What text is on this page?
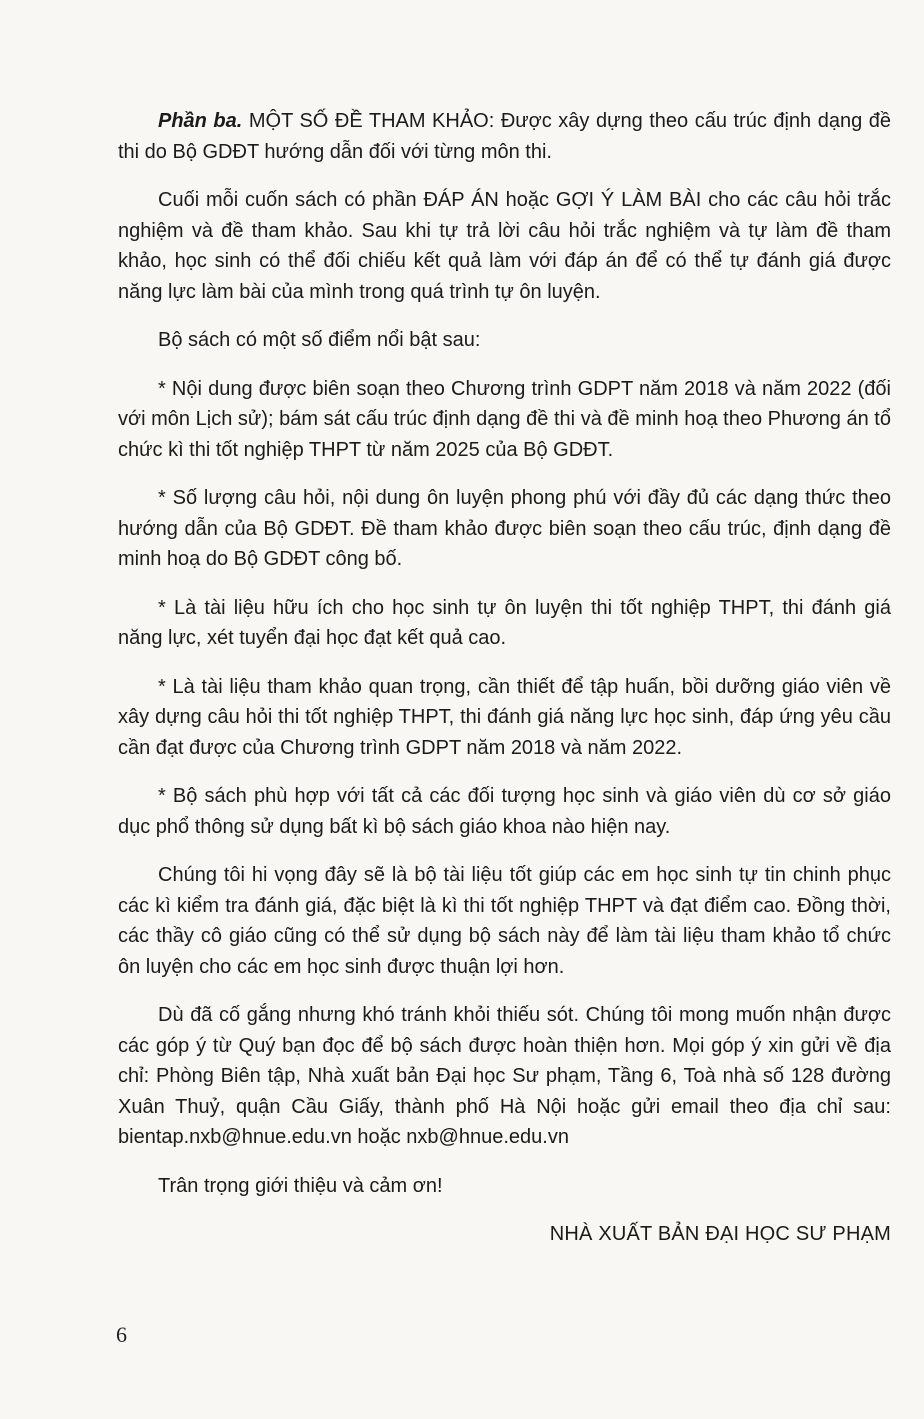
Phần ba. MỘT SỐ ĐỀ THAM KHẢO: Được xây dựng theo cấu trúc định dạng đề thi do Bộ GDĐT hướng dẫn đối với từng môn thi.

Cuối mỗi cuốn sách có phần ĐÁP ÁN hoặc GỢI Ý LÀM BÀI cho các câu hỏi trắc nghiệm và đề tham khảo. Sau khi tự trả lời câu hỏi trắc nghiệm và tự làm đề tham khảo, học sinh có thể đối chiếu kết quả làm với đáp án để có thể tự đánh giá được năng lực làm bài của mình trong quá trình tự ôn luyện.

Bộ sách có một số điểm nổi bật sau:

* Nội dung được biên soạn theo Chương trình GDPT năm 2018 và năm 2022 (đối với môn Lịch sử); bám sát cấu trúc định dạng đề thi và đề minh hoạ theo Phương án tổ chức kì thi tốt nghiệp THPT từ năm 2025 của Bộ GDĐT.

* Số lượng câu hỏi, nội dung ôn luyện phong phú với đầy đủ các dạng thức theo hướng dẫn của Bộ GDĐT. Đề tham khảo được biên soạn theo cấu trúc, định dạng đề minh hoạ do Bộ GDĐT công bố.

* Là tài liệu hữu ích cho học sinh tự ôn luyện thi tốt nghiệp THPT, thi đánh giá năng lực, xét tuyển đại học đạt kết quả cao.

* Là tài liệu tham khảo quan trọng, cần thiết để tập huấn, bồi dưỡng giáo viên về xây dựng câu hỏi thi tốt nghiệp THPT, thi đánh giá năng lực học sinh, đáp ứng yêu cầu cần đạt được của Chương trình GDPT năm 2018 và năm 2022.

* Bộ sách phù hợp với tất cả các đối tượng học sinh và giáo viên dù cơ sở giáo dục phổ thông sử dụng bất kì bộ sách giáo khoa nào hiện nay.

Chúng tôi hi vọng đây sẽ là bộ tài liệu tốt giúp các em học sinh tự tin chinh phục các kì kiểm tra đánh giá, đặc biệt là kì thi tốt nghiệp THPT và đạt điểm cao. Đồng thời, các thầy cô giáo cũng có thể sử dụng bộ sách này để làm tài liệu tham khảo tổ chức ôn luyện cho các em học sinh được thuận lợi hơn.

Dù đã cố gắng nhưng khó tránh khỏi thiếu sót. Chúng tôi mong muốn nhận được các góp ý từ Quý bạn đọc để bộ sách được hoàn thiện hơn. Mọi góp ý xin gửi về địa chỉ: Phòng Biên tập, Nhà xuất bản Đại học Sư phạm, Tầng 6, Toà nhà số 128 đường Xuân Thuỷ, quận Cầu Giấy, thành phố Hà Nội hoặc gửi email theo địa chỉ sau: bientap.nxb@hnue.edu.vn hoặc nxb@hnue.edu.vn

Trân trọng giới thiệu và cảm ơn!

NHÀ XUẤT BẢN ĐẠI HỌC SƯ PHẠM

6
